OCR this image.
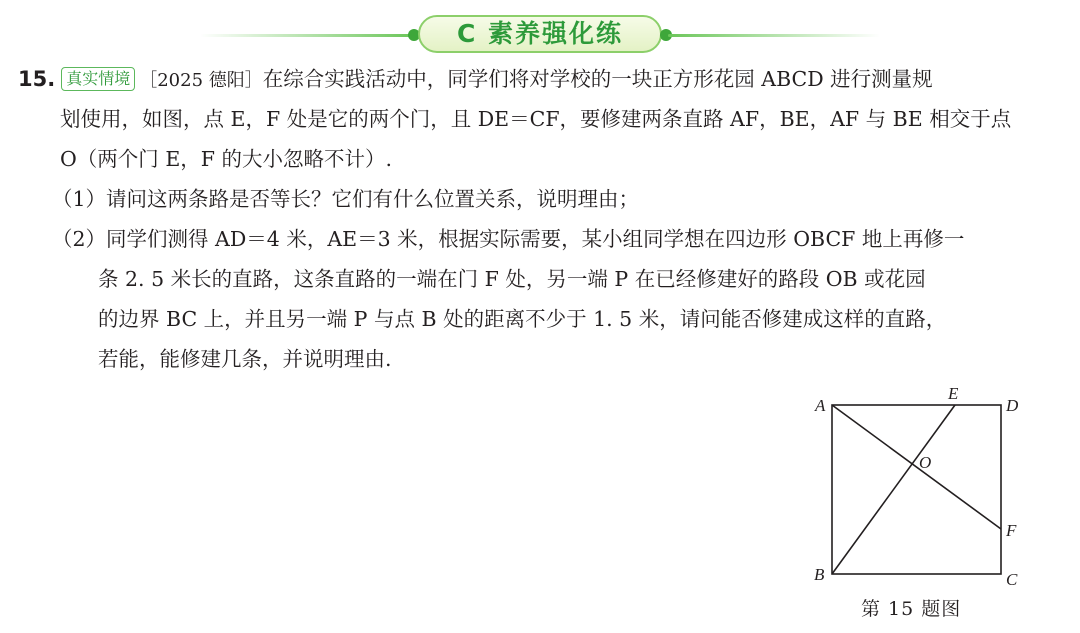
C 素养强化练
15. 真实情境 ［2025 德阳］在综合实践活动中，同学们将对学校的一块正方形花园 ABCD 进行测量规
划使用，如图，点 E，F 处是它的两个门，且 DE＝CF，要修建两条直路 AF，BE，AF 与 BE 相交于点
O（两个门 E，F 的大小忽略不计）.
（1）请问这两条路是否等长？它们有什么位置关系，说明理由；
（2）同学们测得 AD＝4 米，AE＝3 米，根据实际需要，某小组同学想在四边形 OBCF 地上再修一
条 2. 5 米长的直路，这条直路的一端在门 F 处，另一端 P 在已经修建好的路段 OB 或花园
的边界 BC 上，并且另一端 P 与点 B 处的距离不少于 1. 5 米，请问能否修建成这样的直路，
若能，能修建几条，并说明理由.
A	D
E
O
F
B	C
第 15 题图
